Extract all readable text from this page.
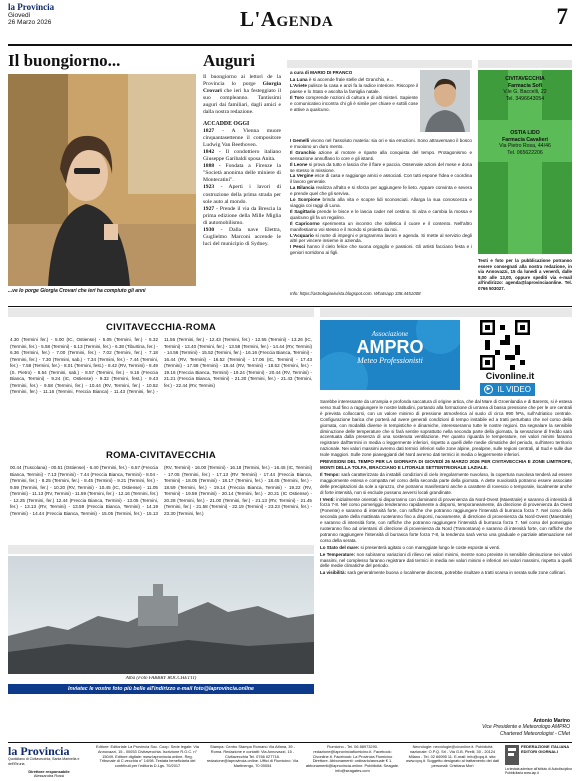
la Provincia
Giovedì
26 Marzo 2026	L'Agenda	7
Il buongiorno...
...ve lo porge Giorgia Crovari che ieri ha compiuto gli anni
Auguri
Il buongiorno ai lettori de la Provincia lo porge Giorgia Crovari che ieri ha festeggiato il suo compleanno. Tantissimi auguri dai familiari, dagli amici e dalla nostra redazione.
ACCADDE OGGI
1827 - A Vienna muore cinquantasettenne il compositore Ludwig Van Beethoven.
1842 - Il condottiero italiano Giuseppe Garibaldi sposa Anita.
1888 - Fondata a Firenze la "Società anonima delle miniere di Montecatini".
1923 - Aperti i lavori di costruzione della prima strada per sole auto al mondo.
1927 - Prende il via da Brescia la prima edizione della Mille Miglia di automobilismo.
1930 - Dalla nave Elettra, Guglielmo Marconi accende le luci del municipio di Sydney.
a cura di MARIO DI FRANCO

La Luna è si accende frale stelle del Granchio, e...

L'Ariete pulisce la casa e anzi fa la radice interiore. Riscopre il paese e lo Stato e ascolta la famiglia natale.

Il Toro comprende nozioni di cultura e di alti misteri. Sapiente e comunicativo incontra chi gli è simile per chiare e sottili cose e attive a qualcuno.

I Gemelli vivono nel l'assoluto materia: sia ori e sia emozioni. Sono attraversano il bosco e muoiono un duro mento.

Il Granchio azione al motore e riparte alla conquista del tempo. Protagonismo e sensazione annuffano lo core e gli istanti.

Il Leone si prova da tutto e lascia che il flare e paccia. Osservale azioni del mese e dona se stesso in missione.

La Vergine esce di casa e raggiunge amici e associati. Con tutti espone l'idea e coordina il lavoro generale.

La Bilancia realizza all'alto e si sforza per aggiungere fe lieto. Appare convinta e severa e prende quel che gli serviva.

Lo Scorpione brinda alla vita e scopre lidi sconosciuti. Allarga la sua conoscenza e viaggia coi raggi di Luna.

Il Sagittario prende le bisce e le lascia cader nel cestino. Si alza e cambia la mossa e qualcuno gli fa un regalino.

Il Capricorno sperimenta un incontro che solletica il cuore e il contento. Nell'altro manifestiamo voi stesso e il mondo si proietta da noi.

L'Acquario si nutre di impegni e programma lavoro e agenda. Si mette al servizio degli altri per vincere insieme in azienda.

I Pesci hanno il cielo felice che suona orgoglio e passioni. Gli artisti facciano festa e i geniori sorridono ai figli.

Info: https://astrologiavivista.blogspot.com. Whatsapp 338.4451008
CIVITAVECCHIA
Farmacia Sofi
V.le G. Baccelli, 22
Tel. 3496643054
OSTIA LIDO
Farmacia Cavalieri
Via Pietro Rosa, 44/46
Tel. 065622206
Testi e foto per la pubblicazione potranno essere consegnati alla nostra redazione, in via Annovazzi, 15 da lunedì a venerdì, dalle 8,00 alle 13,00, oppure spediti via e-mail all'indirizzo: agenda@laprovinciaonline. Tel. 0766 503027.
CIVITAVECCHIA-ROMA
4.30 (Termini fer.) - 5.00 (IC, Ostiense) - 5.05 (Termini, fer.) - 5.32 (Termini, fer.) - 5.58 (Termini) - 6.13 (Termini, fer.) - 6.38 (Tiburtina, fer.) - 6.36 (Termini, fer.) - 7.00 (Termini, fer.) - 7.02 (Termini, fer.) - 7.18 (Termini, fer.) - 7.30 (Termini, sab.) - 7.34 (Termini, fer.) - 7.44 (Termini, fer.) - 7.58 (Termini, fer.) - 8.01 (Termini, fest.) - 8.42 (RV, Termini) - 8.49 (S. Pietro) - 8.54 (Termini, sab.) - 8.57 (Termini, fer.) - 9.16 (Freccia Bianca, Termini) - 9.24 (IC, Ostiense) - 9.32 (Termini, fest.) - 9.43 (Termini, fer.) - 9.58 (Termini, fer.) - 10.44 (RV, Termini, fer.) - 10.52 (Termini, fer.) - 11.16 (Termini, Freccia Bianca) - 11.43 (Termini, fer.) - 11.56 (Termini, fer.) - 12.43 (Termini, fer.) - 12.55 (Termini) - 13.26 (IC, Termini) - 13.40 (Termini, fer.) - 13.58 (Termini, fer.) - 14.44 (RV, Termini) - 14.56 (Termini) - 15.52 (Termini, fer.) - 16.16 (Freccia Bianca, Termini) - 16.44 (RV, Termini) - 16.52 (Termini) - 17.06 (IC, Termini) - 17.43 (Termini) - 17.58 (Termini) - 18.44 (RV, Termini) - 18.52 (Termini, fer.) - 19.16 (Freccia Bianca, Termini) - 19.24 (Termini) - 20.44 (RV, Termini) - 21.21 (Freccia Bianca, Termini) - 21.30 (Termini, fer.) - 21.43 (Termini, fer.) - 22.44 (RV, Termini)
ROMA-CIVITAVECCHIA
00.44 (Tuscolana) - 00.51 (Ostiense) - 6.40 (Termini, fer.) - 6.57 (Freccia Bianca, Termini) - 7.13 (Termini) - 7.44 (Freccia Bianca, Termini) - 8.04 - (Termini, fer.) - 8.25 (Termini, fer.) - 8.45 (Termini) - 9.21 (Termini, fer.) - 9.59 (Termini, fer.) - 10.20 (RV, Termini) - 10.45 (IC, Ostiense) - 11.05 (Termini) - 11.13 (RV, Termini) - 11.59 (Termini, fer.) - 12.16 (Termini, fer.) - 12.25 (Termini, fer.) 12.44 (Freccia Bianca, Termini) - 13.05 (Termini, fer.) - 13.13 (RV, Termini) - 13.59 (Freccia Bianca, Termini) - 14.19 (Termini) - 14.44 (Freccia Bianca, Termini) - 15.05 (Termini, fer.) - 15.13 (RV, Termini) - 16.00 (Termini) - 16.18 (Termini, fer.) - 16.45 (IC, Termini) - 17.05 (Termini, fer.) - 17.13 (RV Termini) - 17.44 (Freccia Bianca, Termini) - 18.05 (Termini) - 18.17 (Termini, fer.) - 18.45 (Termini, fer.) - 18.59 (Termini, fer.) - 19.14 (Freccia Bianca, Termini) - 19.22 (RV, Termini) - 19.59 (Termini) - 20.14 (Termini, fer.) - 20.21 (IC Ostiense) - 20.28 (Termini, fer.) - 21.00 (Termini, fer.) - 21.13 (RV, Termini) - 21.45 (Termini, fer.) - 21.58 (Termini) - 22.19 (Termini) - 23.23 (Termini, fer.) - 23.30 (Termini, fer.)
Alba (Foto FABBRY ROCCHETTI)
Inviatec le vostre foto più belle all'indirizzo e-mail foto@laprovincia.online
Associazione
AMPRO
Meteo Professionisti
Civonline.it
▶ IL VIDEO

Sarebbe interessante da un'ampia e profonda saccatura di origine artica, che dal Mare di Groenlandia e di Barents, si è estesa verso Sud fino a raggiungere le nostre latitudini, portando alla formazione di un'area di bassa pressione che per le ore centrali è prevista colloccarsi, con un valore minimo di pressione atmosferica al suolo di circa 990 hPa, sull'Adriatico centrale. Configurazione barica che porterà ad avere generali condizioni di tempo instabile ed a tratti perturbato che nel corso della giornata, con modalità diverse in tempistiche e dinamiche, interesseranno tutte le nostre regioni. Da segnalare la sensibile diminuzione delle temperature che si farà sentire soprattutto nella seconda parte della giornata, la sensazione di freddo sarà accentuata dalla presenza di una sostenuta ventilazione. Per quanto riguarda le temperature, nei valori minimi faranno registrare dall'termini in media o leggermente inferiori, rispetto a quelli delle medie climatiche del periodo, sull'intero territorio nazionale. Nei valori massimi avremo dati termici inferiori sulle zone alpine, prealpine, sulle regioni centrali, al Sud e sulle due Isole maggiori. Sulle zone pianeggianti del Nord avremo dati termici in media o leggermente inferiori.

PREVISIONI DEL TEMPO PER LA GIORNATA DI GIOVEDÌ 26 MARZO 2026 PER CIVITAVECCHIA E ZONE LIMITROFE, MONTI DELLA TOLFA, BRACCIANO E LITORALE SETTENTRIONALE LAZIALE.

Il Tempo: sarà caratterizzato da instabili condizioni di cielo irregolarmente nuvoloso, la copertura nuvolosa tenderà ad essere maggiormente estesa e compatta nel corso della seconda parte della giornata. A dette nuvolosità potranno essere associate delle precipitazioni da sole a spruzzo, che potranno manifestarsi anche a carattere di rovescio o temporale, localmente anche di forte intensità, non si esclude possano avversi locali grandinate.

I Venti: inizialmente orientati si disporranno con dominanti di provenienza da Nord-Ovest (Maestrale) e saranno di intensità di forza 7-8. Nel corso pomeriggio tenderanno rapidamente a disporsi, temporaneamente, da direzione di provenienza da Ovest (Ponente) e saranno di intensità forte, con raffiche che potranno raggiungere l'intensità di burrasca forza 7. Nel corso della seconda parte della mattinata ruoteranno fino a disporsi, nuovamente, di direzione di provenienza da Nord-Ovest (Maestrale) e saranno di intensità forte, con raffiche che potranno raggiungere l'intensità di burrasca forza 7. Nel corso del pomeriggio ruoteranno fino ad orientarsi di direzione di provenienza da Nord (Tramontana) e saranno di intensità forte, con raffiche che potranno raggiungere l'intensità di burrasca forte forza 7-8, la tendenza sarà verso una graduale e parziale attenuazione nel corso della serata.

Lo Stato del mare: si presenterà agitato o con mareggiate lungo le coste esposte ai venti.

Le Temperature: non subiranno variazioni di rilievo nei valori minimi, mentre sono previste in sensibile diminuzione nei valori massimi, nel complesso faranno registrare dati termici in media nei valori minimi e inferiori nei valori massimi, rispetto a quelli delle medie climatiche del periodo.

La visibilità: sarà generalmente buona o localmente discreta, potrebbe risultare a tratti scarsa in serata sulle zone collinari.

Antonio Marino
Vice Presidente e Meteorologo AMPRO
Chartered Meteorologist - CMet
la Provincia
Quotidiano di Civitavecchia, Santa Marinella e dell'Etruria
Direttore responsabile
Alessandra Rossi
Editore: Editoriale La Provincia Soc. Coop. Sede legale: Via Annovazzi, 15 - 00053 Civitavecchia. Iscrizione R.O.C. n° 15049. Editore digitale: www.laprovincia.online. Reg. Tribunale di C.vecchia n° 14/98. Testata beneficiaria dei contributi per l'editoria D.Lgs. 70/2017
Stampa: Centro Stampa Romano Via Alfana, 39 - Roma. Redazione e contatti: Via Annovazzi, 15 - Civitavecchia Tel. 0766 027718. redazione@laprovincia.online. Uffici di Fiumicino: Via Martinengo, 70 00054
Fiumicino - Tel. 06 88973290. redazione@laprovinciafiumicino.it. Facebook: Civonline.it. Facebook: La Provincia Fiumicino Direttore. Abbonamenti: ordinario/annuale € 1. abbonamenti@laprovincia.online. Pubblicità: Seagate. info@seagates.com
Necrologie: necrologie@civonline.it. Pubblicità nazionale: O.P.Q. Srl - Via G.B. Pirelli, 30 - 20124 Milano - Tel. 02 66995 11. E-mail: info@opq.it. sito: www.opq.it. Soggetto designato al trattamento dei dati personali: Cristiana Mori
FEDERAZIONE ITALIANA EDITORI GIORNALI
La testata aderisce all'istituto di Autodisciplina Pubblicitaria www.iap.it
